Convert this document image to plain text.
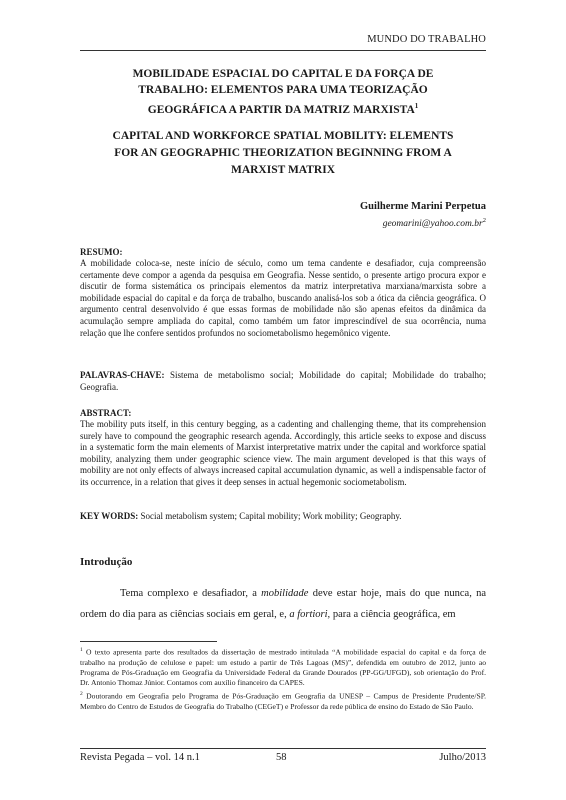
MUNDO DO TRABALHO
MOBILIDADE ESPACIAL DO CAPITAL E DA FORÇA DE
TRABALHO: ELEMENTOS PARA UMA TEORIZAÇÃO
GEOGRÁFICA A PARTIR DA MATRIZ MARXISTA$^1$
CAPITAL AND WORKFORCE SPATIAL MOBILITY: ELEMENTS
FOR AN GEOGRAPHIC THEORIZATION BEGINNING FROM A
MARXIST MATRIX
Guilherme Marini Perpetua
$geomarini@yahoo.com.br^2$
RESUMO:
A mobilidade coloca-se, neste início de século, como um tema candente e desafiador, cuja compreensão certamente deve compor a agenda da pesquisa em Geografia. Nesse sentido, o presente artigo procura expor e discutir de forma sistemática os principais elementos da matriz interpretativa marxiana/marxista sobre a mobilidade espacial do capital e da força de trabalho, buscando analisá-los sob a ótica da ciência geográfica. O argumento central desenvolvido é que essas formas de mobilidade não são apenas efeitos da dinâmica da acumulação sempre ampliada do capital, como também um fator imprescindível de sua ocorrência, numa relação que lhe confere sentidos profundos no sociometabolismo hegemônico vigente.
PALAVRAS-CHAVE: Sistema de metabolismo social; Mobilidade do capital; Mobilidade do trabalho; Geografia.
ABSTRACT:
The mobility puts itself, in this century begging, as a cadenting and challenging theme, that its comprehension surely have to compound the geographic research agenda. Accordingly, this article seeks to expose and discuss in a systematic form the main elements of Marxist interpretative matrix under the capital and workforce spatial mobility, analyzing them under geographic science view. The main argument developed is that this ways of mobility are not only effects of always increased capital accumulation dynamic, as well a indispensable factor of its occurrence, in a relation that gives it deep senses in actual hegemonic sociometabolism.
KEY WORDS: Social metabolism system; Capital mobility; Work mobility; Geography.
Introdução
Tema complexo e desafiador, a mobilidade deve estar hoje, mais do que nunca, na ordem do dia para as ciências sociais em geral, e, a fortiori, para a ciência geográfica, em
$^1$ O texto apresenta parte dos resultados da dissertação de mestrado intitulada “A mobilidade espacial do capital e da força de trabalho na produção de celulose e papel: um estudo a partir de Três Lagoas (MS)”, defendida em outubro de 2012, junto ao Programa de Pós-Graduação em Geografia da Universidade Federal da Grande Dourados (PP-GG/UFGD), sob orientação do Prof. Dr. Antonio Thomaz Júnior. Contamos com auxílio financeiro da CAPES.
$^2$ Doutorando em Geografia pelo Programa de Pós-Graduação em Geografia da UNESP – Campus de Presidente Prudente/SP. Membro do Centro de Estudos de Geografia do Trabalho (CEGeT) e Professor da rede pública de ensino do Estado de São Paulo.
Revista Pegada – vol. 14 n.1	58	Julho/2013
